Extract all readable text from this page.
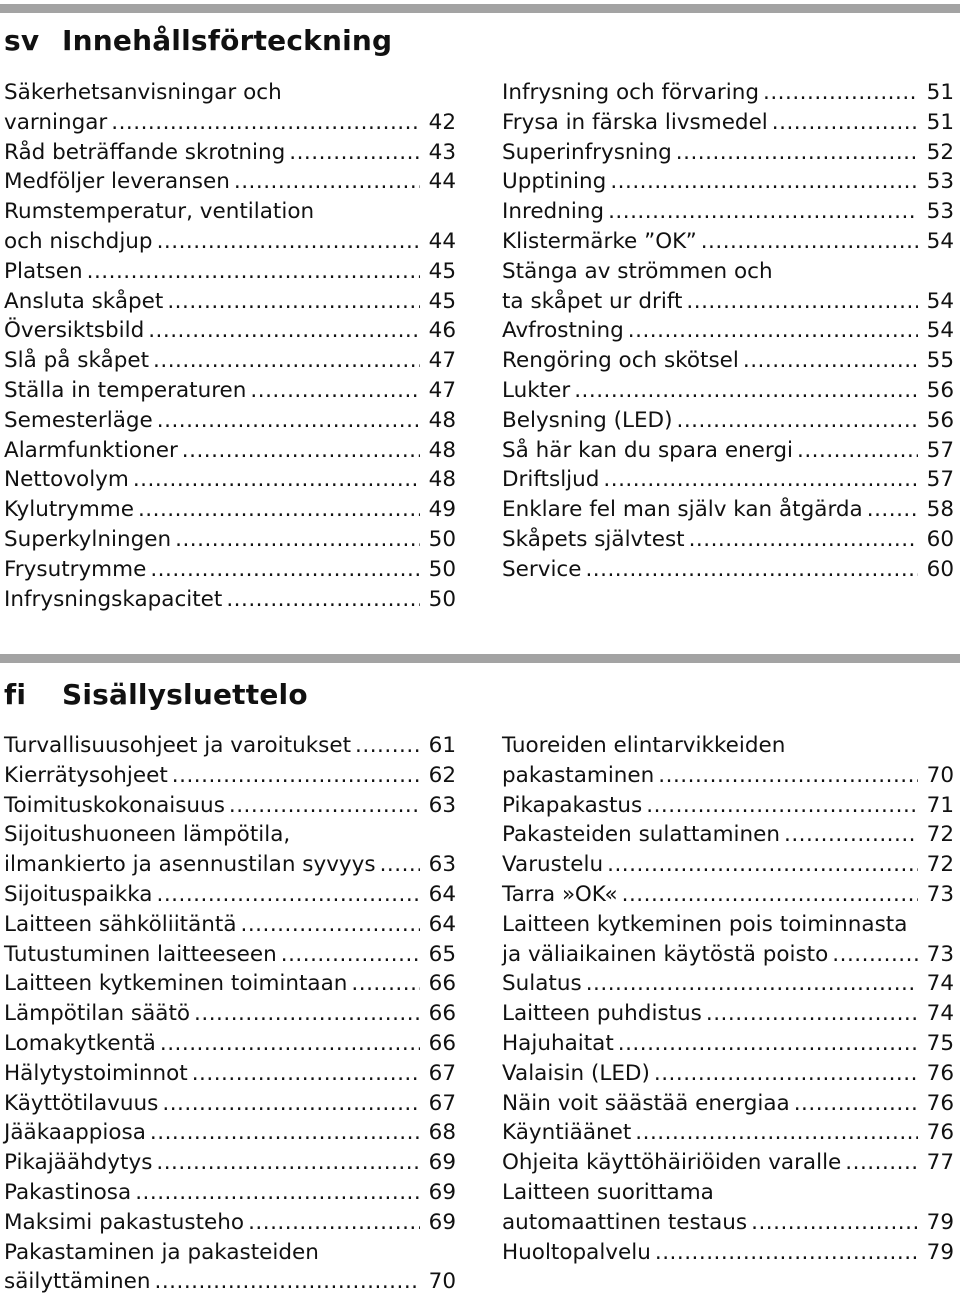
sv Innehållsförteckning
Säkerhetsanvisningar och
varningar .....	42
Råd beträffande skrotning .....	43
Medföljer leveransen .....	44
Rumstemperatur, ventilation
och nischdjup .....	44
Platsen .....	45
Ansluta skåpet .....	45
Översiktsbild .....	46
Slå på skåpet .....	47
Ställa in temperaturen .....	47
Semesterläge .....	48
Alarmfunktioner .....	48
Nettovolym .....	48
Kylutrymme .....	49
Superkylningen .....	50
Frysutrymme .....	50
Infrysningskapacitet .....	50
Infrysning och förvaring .....	51
Frysa in färska livsmedel .....	51
Superinfrysning .....	52
Upptining .....	53
Inredning .....	53
Klistermärke ”OK” .....	54
Stänga av strömmen och
ta skåpet ur drift .....	54
Avfrostning .....	54
Rengöring och skötsel .....	55
Lukter .....	56
Belysning (LED) .....	56
Så här kan du spara energi .....	57
Driftsljud .....	57
Enklare fel man själv kan åtgärda .....	58
Skåpets självtest .....	60
Service .....	60
fi	Sisällysluettelo
Turvallisuusohjeet ja varoitukset .....	61
Kierrätysohjeet .....	62
Toimituskokonaisuus .....	63
Sijoitushuoneen lämpötila,
ilmankierto ja asennustilan syvyys ..... 63
Sijoituspaikka .....	64
Laitteen sähköliitäntä .....	64
Tutustuminen laitteeseen .....	65
Laitteen kytkeminen toimintaan .....	66
Lämpötilan säätö .....	66
Lomakytkentä .....	66
Hälytystoiminnot .....	67
Käyttötilavuus .....	67
Jääkaappiosa .....	68
Pikajäähdytys .....	69
Pakastinosa .....	69
Maksimi pakastusteho .....	69
Pakastaminen ja pakasteiden
säilyttäminen .....	70
Tuoreiden elintarvikkeiden
pakastaminen .....	70
Pikapakastus .....	71
Pakasteiden sulattaminen .....	72
Varustelu .....	72
Tarra »OK« .....	73
Laitteen kytkeminen pois toiminnasta
ja väliaikainen käytöstä poisto .....	73
Sulatus .....	74
Laitteen puhdistus .....	74
Hajuhaitat .....	75
Valaisin (LED) .....	76
Näin voit säästää energiaa .....	76
Käyntiäänet .....	76
Ohjeita käyttöhäiriöiden varalle .....	77
Laitteen suorittama
automaattinen testaus .....	79
Huoltopalvelu .....	79
